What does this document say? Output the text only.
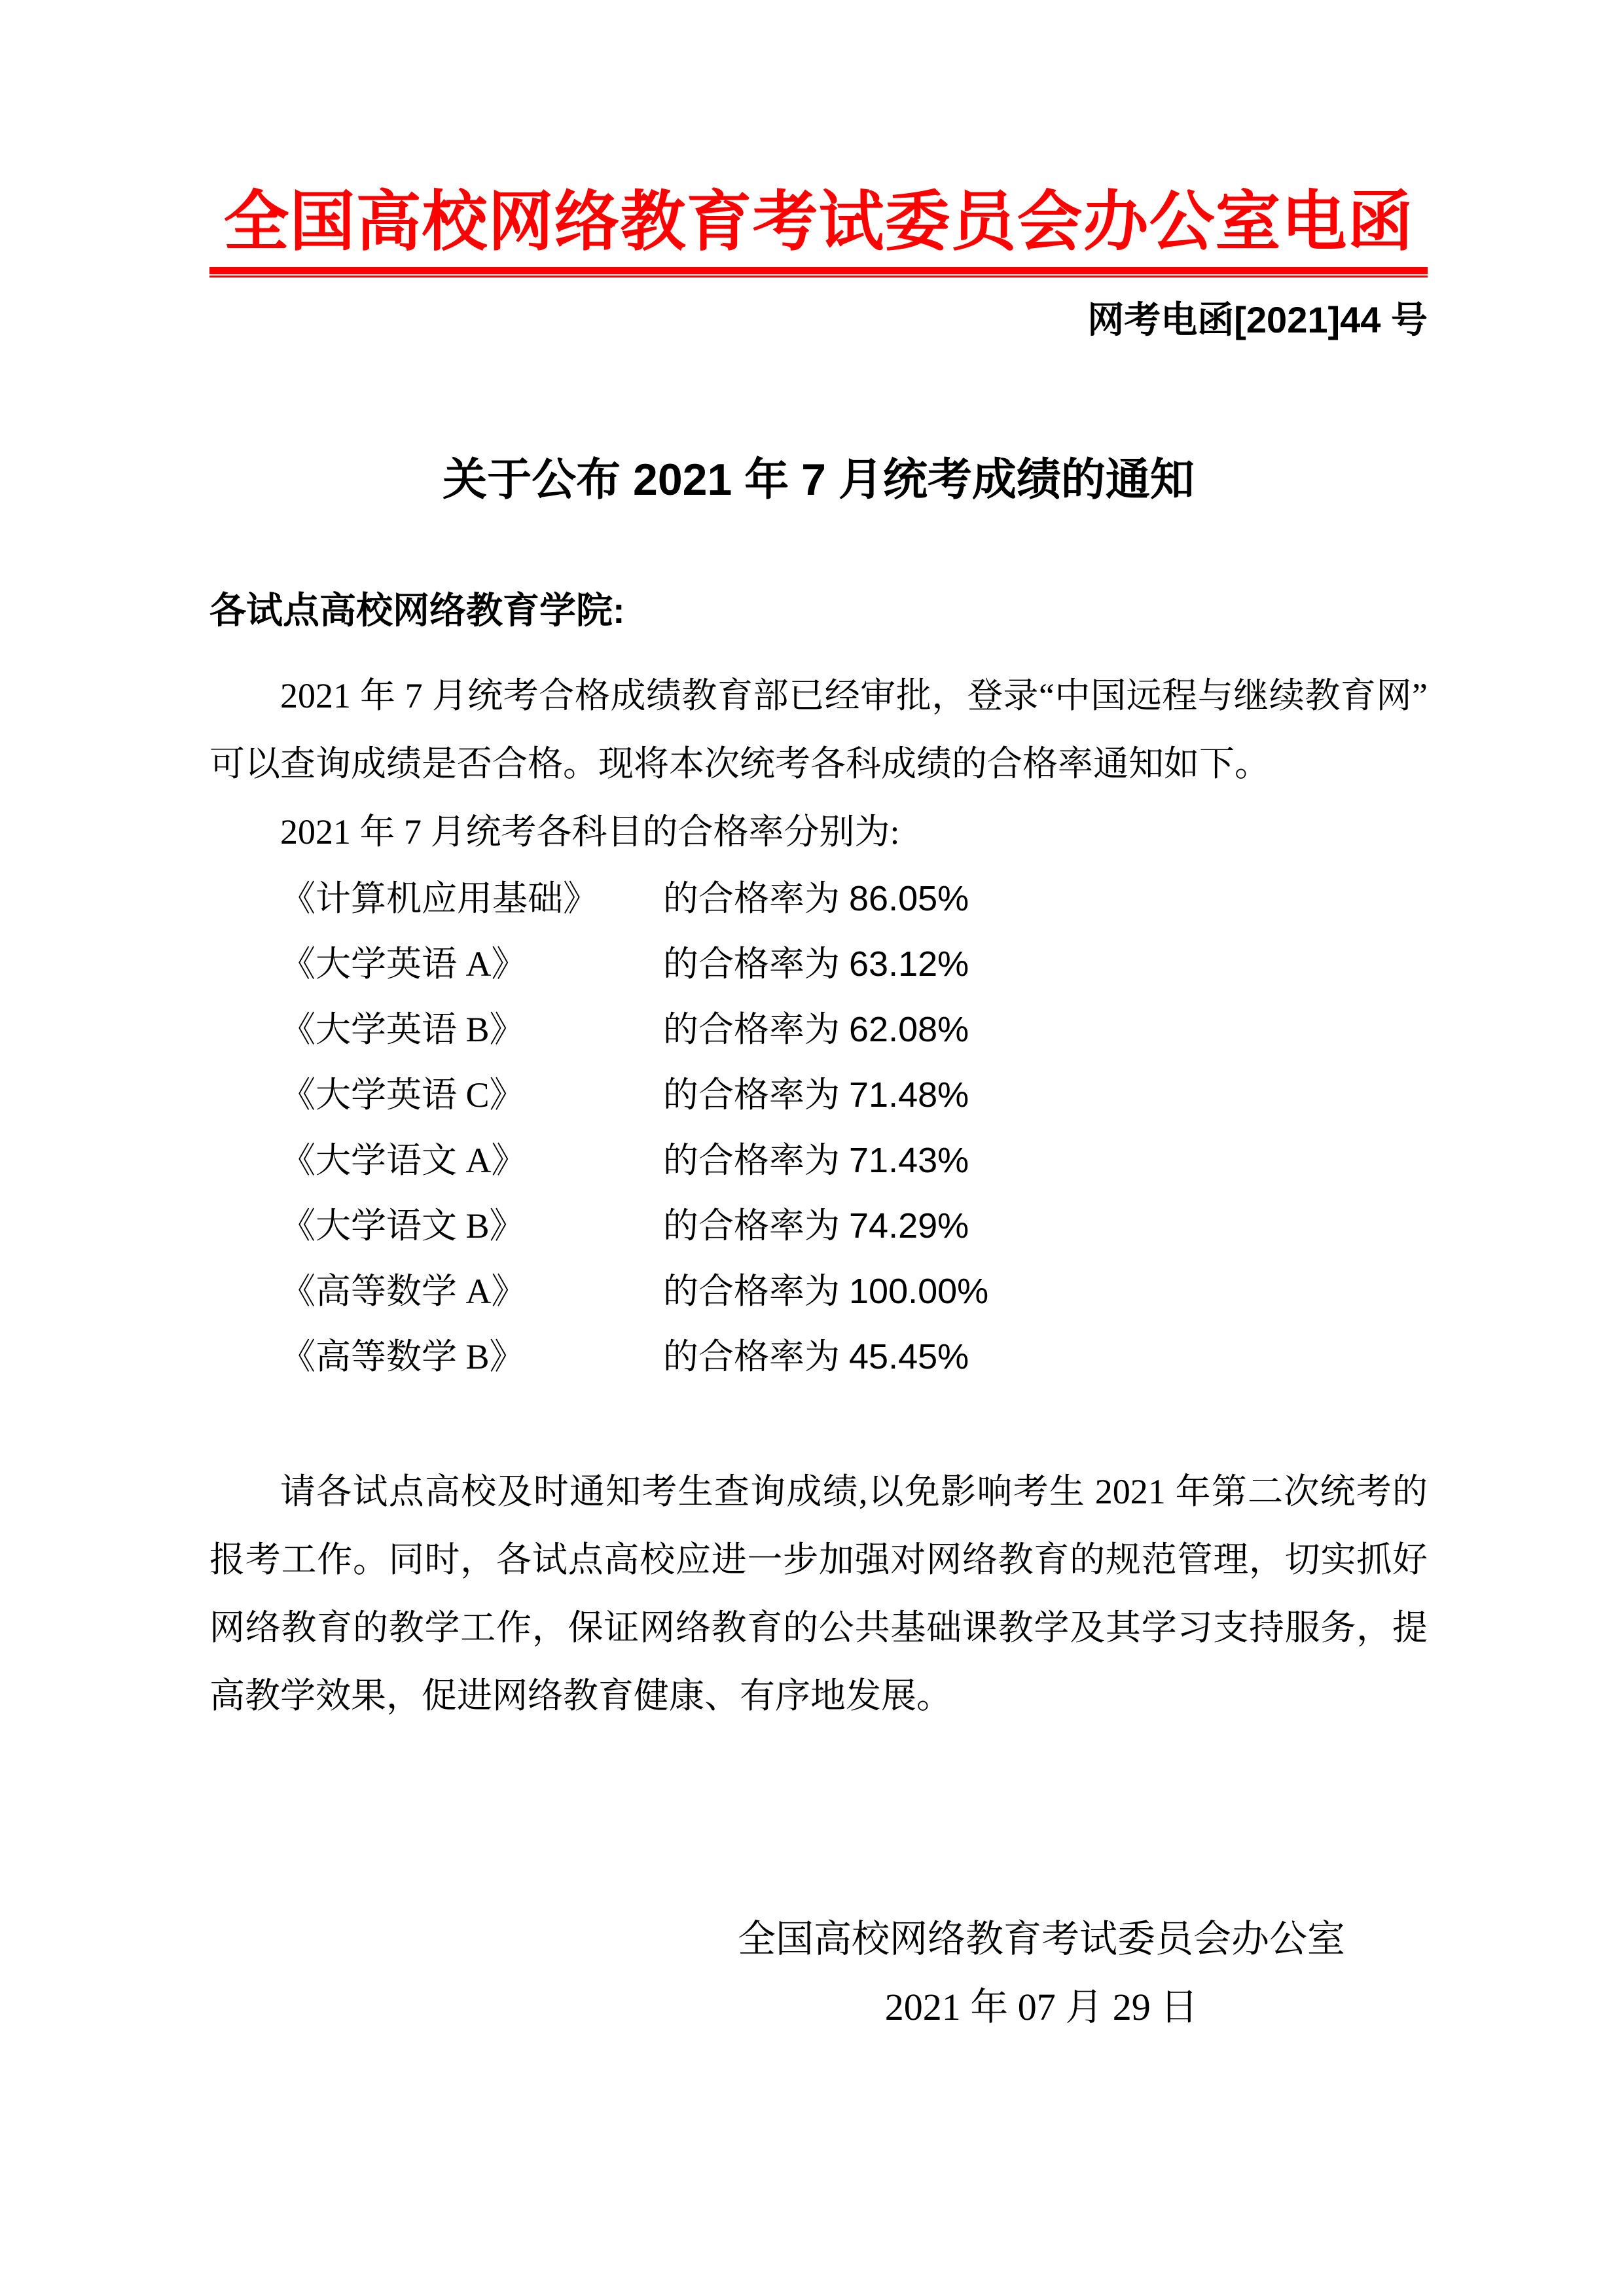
全国高校网络教育考试委员会办公室电函
网考电函[2021]44 号
关于公布 2021 年 7 月统考成绩的通知
各试点高校网络教育学院:
2021 年 7 月统考合格成绩教育部已经审批，登录“中国远程与继续教育网”可以查询成绩是否合格。现将本次统考各科成绩的合格率通知如下。
2021 年 7 月统考各科目的合格率分别为:
《计算机应用基础》 的合格率为 86.05%
《大学英语 A》	的合格率为 63.12%
《大学英语 B》	的合格率为 62.08%
《大学英语 C》	的合格率为 71.48%
《大学语文 A》	的合格率为 71.43%
《大学语文 B》	的合格率为 74.29%
《高等数学 A》	的合格率为 100.00%
《高等数学 B》	的合格率为 45.45%
请各试点高校及时通知考生查询成绩,以免影响考生 2021 年第二次统考的报考工作。同时，各试点高校应进一步加强对网络教育的规范管理，切实抓好网络教育的教学工作，保证网络教育的公共基础课教学及其学习支持服务，提高教学效果，促进网络教育健康、有序地发展。
全国高校网络教育考试委员会办公室
2021 年 07 月 29 日
